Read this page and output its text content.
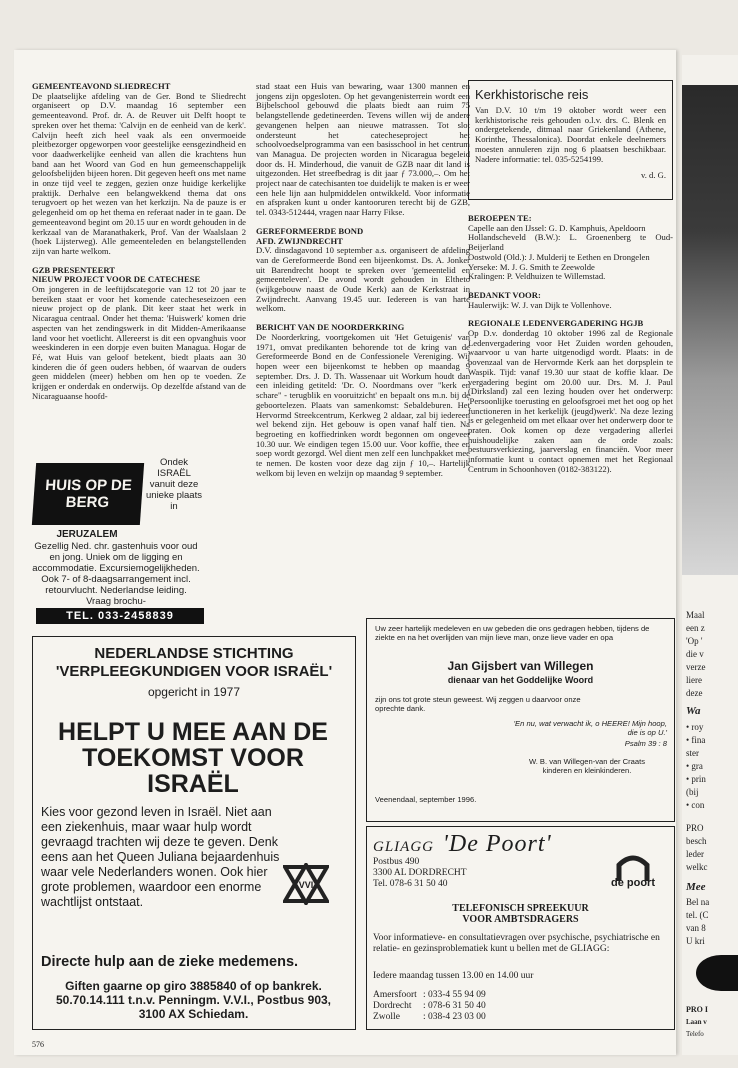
GEMEENTEAVOND SLIEDRECHT

De plaatselijke afdeling van de Ger. Bond te Sliedrecht organiseert op D.V. maandag 16 september een gemeenteavond. Prof. dr. A. de Reuver uit Delft hoopt te spreken over het thema: 'Calvijn en de eenheid van de kerk'. Calvijn heeft zich heel vaak als een onvermoeide pleitbezorger opgeworpen voor geestelijke eensgezindheid en voor daadwerkelijke eenheid van allen die krachtens hun band aan het Woord van God en hun gemeenschappelijk geloofsbelijden bijeen horen. Dit gegeven heeft ons met name in onze tijd veel te zeggen, gezien onze huidige kerkelijke praktijk. Derhalve een belangwekkend thema dat ons terugvoert op het wezen van het kerkzijn. Na de pauze is er gelegenheid om op het thema en referaat nader in te gaan. De gemeenteavond begint om 20.15 uur en wordt gehouden in de kerkzaal van de Maranathakerk, Prof. Van der Waalslaan 2 (hoek Lijsterweg). Alle gemeenteleden en belangstellenden zijn van harte welkom.

GZB PRESENTEERT

NIEUW PROJECT VOOR DE CATECHESE

Om jongeren in de leeftijdscategorie van 12 tot 20 jaar te bereiken staat er voor het komende catecheseseizoen een nieuw project op de plank. Dit keer staat het werk in Nicaragua centraal. Onder het thema: 'Huiswerk' komen drie aspecten van het zendingswerk in dit Midden-Amerikaanse land voor het voetlicht. Allereerst is dit een opvanghuis voor weeskinderen in een dorpje even buiten Managua. Hogar de Fé, wat Huis van geloof betekent, biedt plaats aan 30 kinderen die óf geen ouders hebben, óf waarvan de ouders geen middelen (meer) hebben om hen op te voeden. Ze krijgen er onderdak en onderwijs. Op dezelfde afstand van de Nicaraguaanse hoofd-

stad staat een Huis van bewaring, waar 1300 mannen en jongens zijn opgesloten. Op het gevangenisterrein wordt een Bijbelschool gebouwd die plaats biedt aan ruim 75 belangstellende gedetineerden. Tevens willen wij de andere gevangenen helpen aan nieuwe matrassen. Tot slot ondersteunt het catecheseproject het schoolvoedselprogramma van een basisschool in het centrum van Managua. De projecten worden in Nicaragua begeleid door ds. H. Minderhoud, die vanuit de GZB naar dit land is uitgezonden. Het streefbedrag is dit jaar ƒ 73.000,–. Om het project naar de catechisanten toe duidelijk te maken is er weer een hele lijn aan hulpmiddelen ontwikkeld. Voor informatie en afspraken kunt u onder kantooruren terecht bij de GZB, tel. 0343-512444, vragen naar Harry Fikse.

GEREFORMEERDE BOND

AFD. ZWIJNDRECHT

D.V. dinsdagavond 10 september a.s. organiseert de afdeling van de Gereformeerde Bond een bijeenkomst. Ds. A. Jonker uit Barendrecht hoopt te spreken over 'gemeentelid en gemeenteleven'. De avond wordt gehouden in Eltheto (wijkgebouw naast de Oude Kerk) aan de Kerkstraat in Zwijndrecht. Aanvang 19.45 uur. Iedereen is van harte welkom.

BERICHT VAN DE NOORDERKRING

De Noorderkring, voortgekomen uit 'Het Getuigenis' van 1971, omvat predikanten behorende tot de kring van de Gereformeerde Bond en de Confessionele Vereniging. Wij hopen weer een bijeenkomst te hebben op maandag 9 september. Drs. J. D. Th. Wassenaar uit Workum houdt dan een inleiding getiteld: 'Dr. O. Noordmans over "kerk en schare" - terugblik en vooruitzicht' en bepaalt ons m.n. bij de geboortelezen. Plaats van samenkomst: Sebaldeburen. Het Hervormd Streekcentrum, Kerkweg 2 aldaar, zal bij iedereen wel bekend zijn. Het gebouw is open vanaf half tien. Na begroeting en koffiedrinken wordt begonnen om ongeveer 10.30 uur. We eindigen tegen 15.00 uur. Voor koffie, thee en soep wordt gezorgd. Wel dient men zelf een lunchpakket mee te nemen. De kosten voor deze dag zijn ƒ 10,–. Hartelijk welkom bij leven en welzijn op maandag 9 september.

Kerkhistorische reis
Van D.V. 10 t/m 19 oktober wordt weer een kerkhistorische reis gehouden o.l.v. drs. C. Blenk en ondergetekende, ditmaal naar Griekenland (Athene, Korinthe, Thessalonica). Doordat enkele deelnemers moesten annuleren zijn nog 6 plaatsen beschikbaar. Nadere informatie: tel. 035-5254199.
v. d. G.

BEROEPEN TE:

Capelle aan den IJssel: G. D. Kamphuis, Apeldoorn

Hollandscheveld (B.W.): L. Groenenberg te Oud-Beijerland

Oostwold (Old.): J. Mulderij te Eethen en Drongelen

Yerseke: M. J. G. Smith te Zeewolde

Kralingen: P. Veldhuizen te Willemstad.

BEDANKT VOOR:

Haulerwijk: W. J. van Dijk te Vollenhove.

REGIONALE LEDENVERGADERING HGJB

Op D.v. donderdag 10 oktober 1996 zal de Regionale Ledenvergadering voor Het Zuiden worden gehouden, waarvoor u van harte uitgenodigd wordt. Plaats: in de bovenzaal van de Hervormde Kerk aan het dorpsplein te Waspik. Tijd: vanaf 19.30 uur staat de koffie klaar. De vergadering begint om 20.00 uur. Drs. M. J. Paul (Dirksland) zal een lezing houden over het onderwerp: 'Persoonlijke toerusting en geloofsgroei met het oog op het functioneren in het kerkelijk (jeugd)werk'. Na deze lezing is er gelegenheid om met elkaar over het onderwerp door te praten. Ook komen op deze vergadering allerlei huishoudelijke zaken aan de orde zoals: bestuursverkiezing, jaarverslag en financiën. Voor meer informatie kunt u contact opnemen met het Regionaal Centrum in Schoonhoven (0182-383122).

HUIS OP DE BERG
Ondek ISRAËL vanuit deze unieke plaats in
JERUZALEM
Gezellig Ned. chr. gastenhuis voor oud en jong. Uniek om de ligging en accommodatie. Excursiemogelijkheden. Ook 7- of 8-daagsarrangement incl. retourvlucht. Nederlandse leiding. Vraag brochu-
TEL. 033-2458839
NEDERLANDSE STICHTING
'VERPLEEGKUNDIGEN VOOR ISRAËL'
opgericht in 1977
HELPT U MEE AAN DE TOEKOMST VOOR ISRAËL
Kies voor gezond leven in Israël. Niet aan een ziekenhuis, maar waar hulp wordt gevraagd trachten wij deze te geven. Denk eens aan het Queen Juliana bejaardenhuis waar vele Nederlanders wonen. Ook hier grote problemen, waardoor een enorme wachtlijst ontstaat.
VVI
Directe hulp aan de zieke medemens.
Giften gaarne op giro 3885840 of op bankrek. 50.70.14.111 t.n.v. Penningm. V.V.I., Postbus 903, 3100 AX Schiedam.
Uw zeer hartelijk medeleven en uw gebeden die ons gedragen hebben, tijdens de ziekte en na het overlijden van mijn lieve man, onze lieve vader en opa
Jan Gijsbert van Willegen
dienaar van het Goddelijke Woord
zijn ons tot grote steun geweest. Wij zeggen u daarvoor onze oprechte dank.
'En nu, wat verwacht ik, o HEERE! Mijn hoop, die is op U.'
Psalm 39 : 8
W. B. van Willegen-van der Craats kinderen en kleinkinderen.
Veenendaal, september 1996.
GLIAGG 'De Poort'
Postbus 490
3300 AL DORDRECHT
Tel. 078-6 31 50 40	de poort
TELEFONISCH SPREEKUUR
VOOR AMBTSDRAGERS
Voor informatieve- en consultatievragen over psychische, psychiatrische en relatie- en gezinsproblematiek kunt u bellen met de GLIAGG:
Iedere maandag tussen 13.00 en 14.00 uur
Amersfoort : 033-4 55 94 09
Dordrecht : 078-6 31 50 40
Zwolle : 038-4 23 03 00
576
Maal
een z
'Op '
die v
verze
liere
deze
Wa
• roy
• fina
ster
• gra
• prin
(bij
• con
PRO
besch
leder
welkc
Mee
Bel na
tel. (C
van 8
U kri
PRO I
Laan v
Telefo
